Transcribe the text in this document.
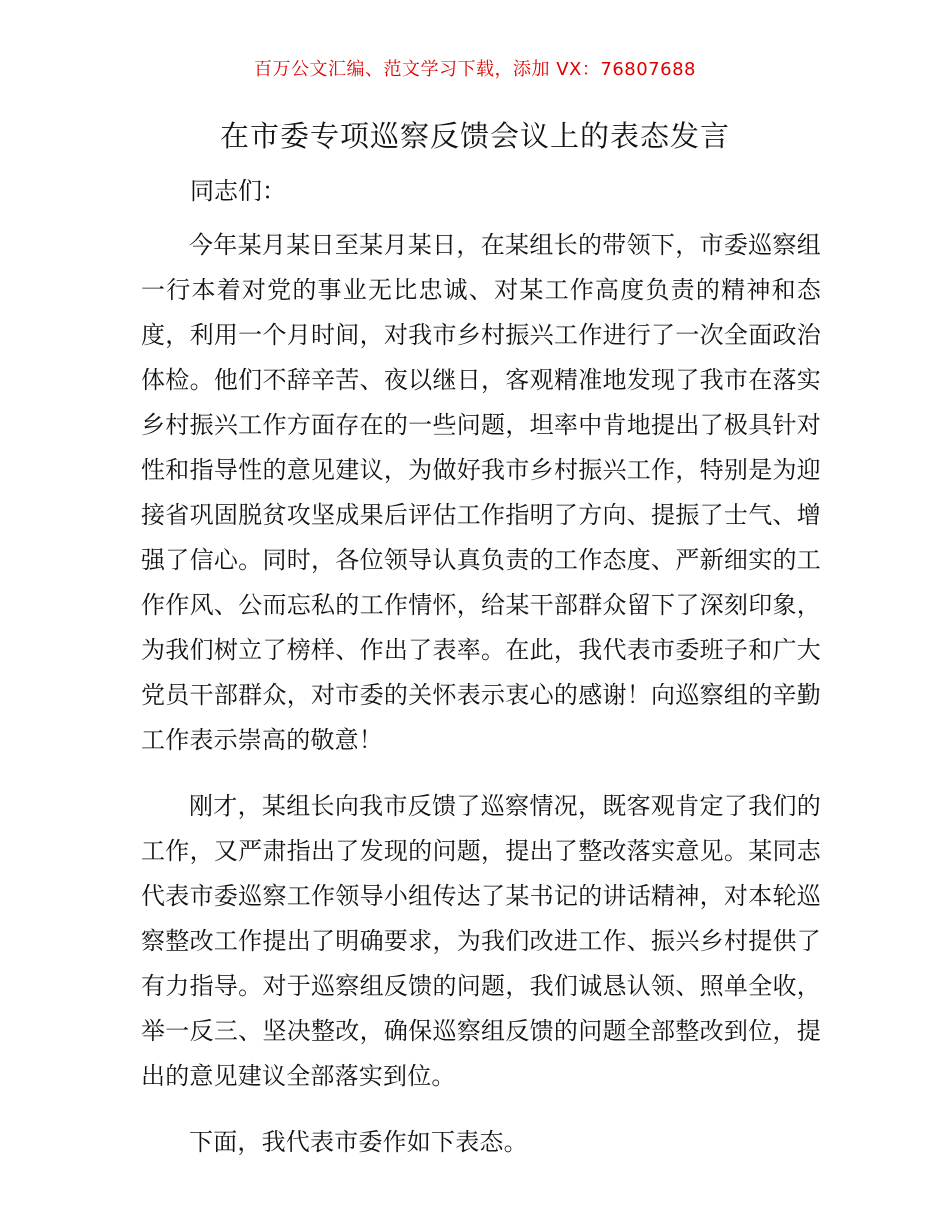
百万公文汇编、范文学习下载，添加 VX：76807688
在市委专项巡察反馈会议上的表态发言

同志们：

今年某月某日至某月某日，在某组长的带领下，市委巡察组一行本着对党的事业无比忠诚、对某工作高度负责的精神和态度，利用一个月时间，对我市乡村振兴工作进行了一次全面政治体检。他们不辞辛苦、夜以继日，客观精准地发现了我市在落实乡村振兴工作方面存在的一些问题，坦率中肯地提出了极具针对性和指导性的意见建议，为做好我市乡村振兴工作，特别是为迎接省巩固脱贫攻坚成果后评估工作指明了方向、提振了士气、增强了信心。同时，各位领导认真负责的工作态度、严新细实的工作作风、公而忘私的工作情怀，给某干部群众留下了深刻印象，为我们树立了榜样、作出了表率。在此，我代表市委班子和广大党员干部群众，对市委的关怀表示衷心的感谢！向巡察组的辛勤工作表示崇高的敬意！

刚才，某组长向我市反馈了巡察情况，既客观肯定了我们的工作，又严肃指出了发现的问题，提出了整改落实意见。某同志代表市委巡察工作领导小组传达了某书记的讲话精神，对本轮巡察整改工作提出了明确要求，为我们改进工作、振兴乡村提供了有力指导。对于巡察组反馈的问题，我们诚恳认领、照单全收，举一反三、坚决整改，确保巡察组反馈的问题全部整改到位，提出的意见建议全部落实到位。

下面，我代表市委作如下表态。
